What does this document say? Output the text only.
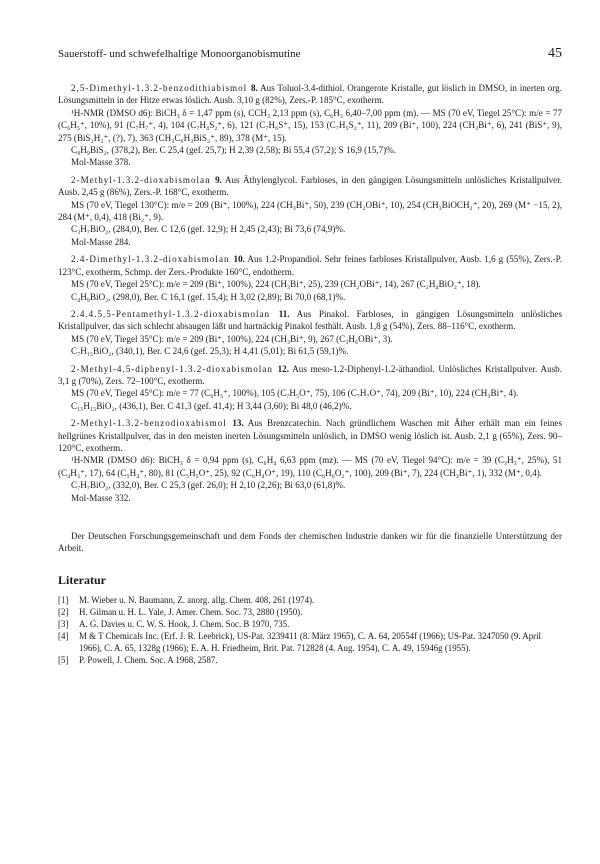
Sauerstoff- und schwefelhaltige Monoorganobismutine	45

2,5-Dimethyl-1.3.2-benzodithiabismol 8. Aus Toluol-3.4-dithiol. Orangerote Kristalle, gut löslich in DMSO, in inerten org. Lösungsmitteln in der Hitze etwas löslich. Ausb. 3,10 g (82%), Zers.-P. 185°C, exotherm.

¹H-NMR (DMSO d6): BiCH₃ δ = 1,47 ppm (s), CCH₃ 2,13 ppm (s), C₆H₃ 6,40–7,00 ppm (m). — MS (70 eV, Tiegel 25°C): m/e = 77 (C₆H₅⁺, 10%), 91 (C₇H₇⁺, 4), 104 (C₇H₄S₂⁺, 6), 121 (C₇H₆S⁺, 15), 153 (C₇H₅S₂⁺, 11), 209 (Bi⁺, 100), 224 (CH₃Bi⁺, 6), 241 (BiS⁺, 9), 275 (BiS₂H₂⁺, (?), 7), 363 (CH₃C₆H₃BiS₂⁺, 89), 378 (M⁺, 15).

C₈H₉BiS₂, (378,2), Ber. C 25,4 (gef. 25,7); H 2,39 (2,58); Bi 55,4 (57,2); S 16,9 (15,7)%.

Mol-Masse 378.

2-Methyl-1.3.2-dioxabismolan 9. Aus Äthylenglycol. Farbloses, in den gängigen Lösungsmitteln unlösliches Kristallpulver. Ausb. 2,45 g (86%), Zers.-P. 168°C, exotherm.

MS (70 eV, Tiegel 130°C): m/e = 209 (Bi⁺, 100%), 224 (CH₃Bi⁺, 50), 239 (CH₂OBi⁺, 10), 254 (CH₃BiOCH₂⁺, 20), 269 (M⁺ −15, 2), 284 (M⁺, 0,4), 418 (Bi₂⁺, 9).

C₃H₇BiO₂, (284,0), Ber. C 12,6 (gef. 12,9); H 2,45 (2,43); Bi 73,6 (74,9)%.

Mol-Masse 284.

2.4-Dimethyl-1.3.2-dioxabismolan 10. Aus 1.2-Propandiol. Sehr feines farbloses Kristallpulver, Ausb. 1,6 g (55%), Zers.-P. 123°C, exotherm, Schmp. der Zers.-Produkte 160°C, endotherm.

MS (70 eV, Tiegel 25°C): m/e = 209 (Bi⁺, 100%), 224 (CH₃Bi⁺, 25), 239 (CH₂OBi⁺, 14), 267 (C₂H₄BiO₂⁺, 18).

C₄H₉BiO₂, (298,0), Ber. C 16,1 (gef. 15,4); H 3,02 (2,89); Bi 70,0 (68,1)%.

2.4.4.5.5-Pentamethyl-1.3.2-dioxabismolan 11. Aus Pinakol. Farbloses, in gängigen Lösungsmitteln unlösliches Kristallpulver, das sich schlecht absaugen läßt und hartnäckig Pinakol festhält. Ausb. 1,8 g (54%), Zers. 88–116°C, exotherm.

MS (70 eV, Tiegel 35°C): m/e = 209 (Bi⁺, 100%), 224 (CH₃Bi⁺, 9), 267 (C₃H₆OBi⁺, 3).

C₇H₁₅BiO₂, (340,1), Ber. C 24,6 (gef. 25,3); H 4,41 (5,01); Bi 61,5 (59,1)%.

2-Methyl-4.5-diphenyl-1.3.2-dioxabismolan 12. Aus meso-1.2-Diphenyl-1.2-äthandiol. Unlösliches Kristallpulver. Ausb. 3,1 g (70%), Zers. 72–100°C, exotherm.

MS (70 eV, Tiegel 45°C): m/e = 77 (C₆H₅⁺, 100%), 105 (C₇H₅O⁺, 75), 106 (C₇H₇O⁺, 74), 209 (Bi⁺, 10), 224 (CH₃Bi⁺, 4).

C₁₅H₁₅BiO₂, (436,1), Ber. C 41,3 (gef. 41,4); H 3,44 (3,60); Bi 48,0 (46,2)%.

2-Methyl-1.3.2-benzodioxabismol 13. Aus Brenzcatechin. Nach gründlichem Waschen mit Äther erhält man ein feines hellgrünes Kristallpulver, das in den meisten inerten Lösungsmitteln unlöslich, in DMSO wenig löslich ist. Ausb. 2,1 g (65%), Zers. 90–120°C, exotherm.

¹H-NMR (DMSO d6): BiCH₃ δ = 0,94 ppm (s), C₆H₄ 6,63 ppm (mz). — MS (70 eV, Tiegel 94°C): m/e = 39 (C₃H₃⁺, 25%), 51 (C₄H₃⁺, 17), 64 (C₅H₄⁺, 80), 81 (C₅H₅O⁺, 25), 92 (C₆H₄O⁺, 19), 110 (C₆H₆O₂⁺, 100), 209 (Bi⁺, 7), 224 (CH₃Bi⁺, 1), 332 (M⁺, 0,4).

C₇H₇BiO₂, (332,0), Ber. C 25,3 (gef. 26,0); H 2,10 (2,26); Bi 63,0 (61,8)%.

Mol-Masse 332.

Der Deutschen Forschungsgemeinschaft und dem Fonds der chemischen Industrie danken wir für die finanzielle Unterstützung der Arbeit.

Literatur
[1]	M. Wieber u. N. Baumann, Z. anorg. allg. Chem. 408, 261 (1974).
[2]	H. Gilman u. H. L. Yale, J. Amer. Chem. Soc. 73, 2880 (1950).
[3]	A. G. Davies u. C. W. S. Hook, J. Chem. Soc. B 1970, 735.
[4]	M & T Chemicals Inc. (Erf. J. R. Leebrick), US-Pat. 3239411 (8. März 1965), C. A. 64, 20554f (1966); US-Pat. 3247050 (9. April 1966), C. A. 65, 1328g (1966); E. A. H. Friedheim, Brit. Pat. 712828 (4. Aug. 1954), C. A. 49, 15946g (1955).
[5]	P. Powell, J. Chem. Soc. A 1968, 2587.
